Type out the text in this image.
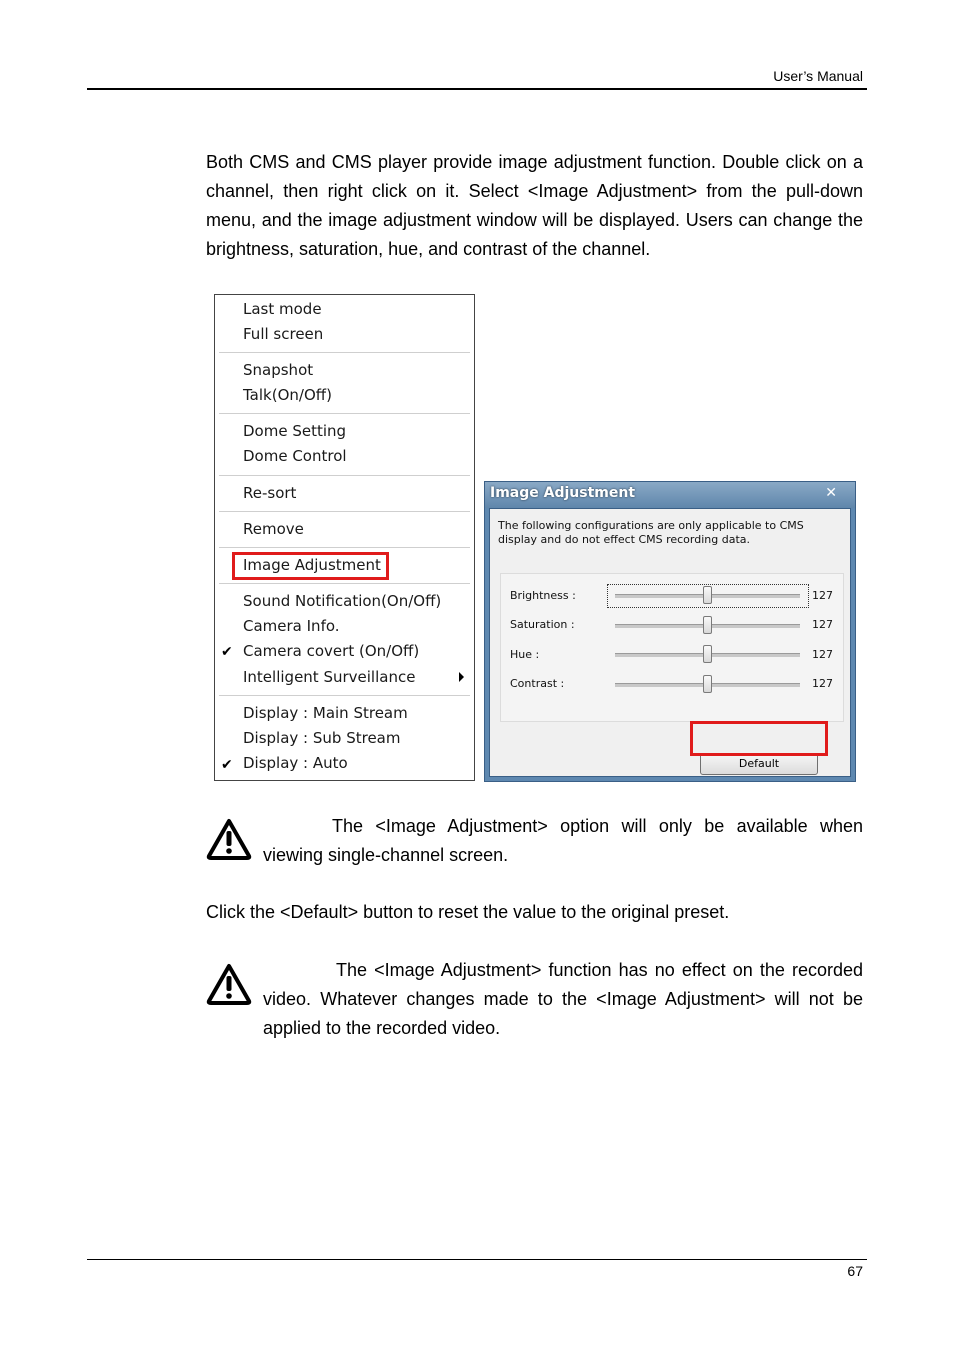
User’s Manual

Both CMS and CMS player provide image adjustment function. Double click on a channel, then right click on it. Select <Image Adjustment> from the pull-down menu, and the image adjustment window will be displayed. Users can change the brightness, saturation, hue, and contrast of the channel.

Last mode
Full screen
Snapshot
Talk(On/Off)
Dome Setting
Dome Control
Re-sort
Remove
Image Adjustment
Sound Notification(On/Off)
Camera Info.
✔ Camera covert (On/Off)
Intelligent Surveillance
Display : Main Stream
Display : Sub Stream
✔ Display : Auto
Image Adjustment	✕
The following configurations are only applicable to CMS display and do not effect CMS recording data.
Brightness :	127
Saturation :	127
Hue :	127
Contrast :	127
Default

The <Image Adjustment> option will only be available when viewing single-channel screen.

Click the <Default> button to reset the value to the original preset.

The <Image Adjustment> function has no effect on the recorded video. Whatever changes made to the <Image Adjustment> will not be applied to the recorded video.

67
